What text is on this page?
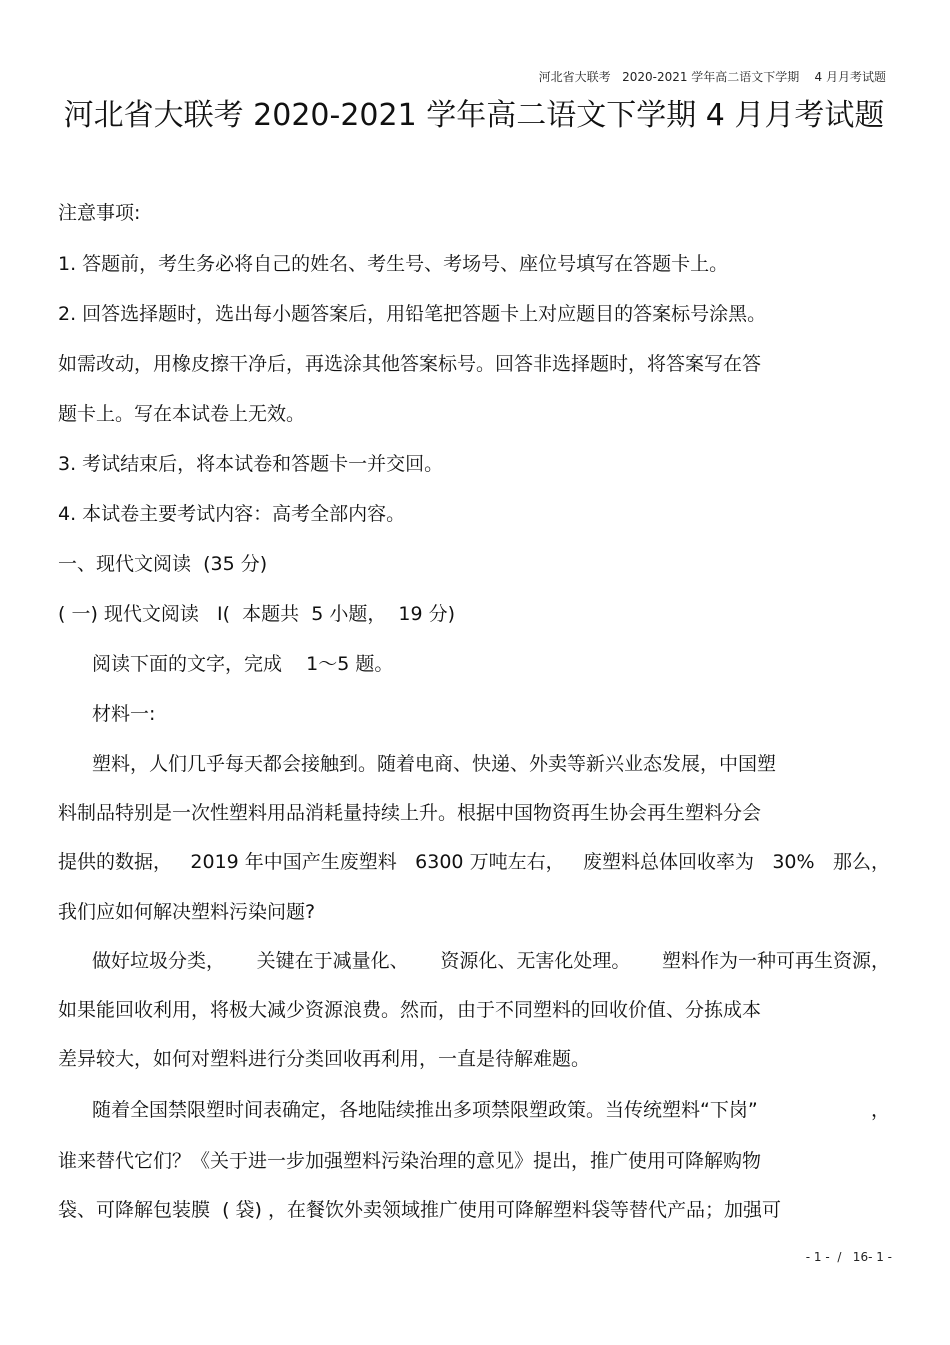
河北省大联考   2020-2021 学年高二语文下学期    4 月月考试题
河北省大联考 2020-2021 学年高二语文下学期 4 月月考试题
注意事项:
1. 答题前，考生务必将自己的姓名、考生号、考场号、座位号填写在答题卡上。
2. 回答选择题时，选出每小题答案后，用铅笔把答题卡上对应题目的答案标号涂黑。
如需改动，用橡皮擦干净后，再选涂其他答案标号。回答非选择题时，将答案写在答
题卡上。写在本试卷上无效。
3. 考试结束后，将本试卷和答题卡一并交回。
4. 本试卷主要考试内容：高考全部内容。
一、现代文阅读  (35 分)
( 一) 现代文阅读   Ⅰ(  本题共  5 小题，  19 分)
阅读下面的文字，完成    1～5 题。
材料一:
塑料，人们几乎每天都会接触到。随着电商、快递、外卖等新兴业态发展，中国塑
料制品特别是一次性塑料用品消耗量持续上升。根据中国物资再生协会再生塑料分会
提供的数据， 2019 年中国产生废塑料 6300 万吨左右， 废塑料总体回收率为 30% 那么，
我们应如何解决塑料污染问题?
做好垃圾分类， 关键在于减量化、 资源化、无害化处理。 塑料作为一种可再生资源，
如果能回收利用，将极大减少资源浪费。然而，由于不同塑料的回收价值、分拣成本
差异较大，如何对塑料进行分类回收再利用，一直是待解难题。
随着全国禁限塑时间表确定，各地陆续推出多项禁限塑政策。当传统塑料“下岗”	，
谁来替代它们？《关于进一步加强塑料污染治理的意见》提出，推广使用可降解购物
袋、可降解包装膜  ( 袋) ，在餐饮外卖领域推广使用可降解塑料袋等替代产品；加强可
- 1 -  /   16- 1 -
